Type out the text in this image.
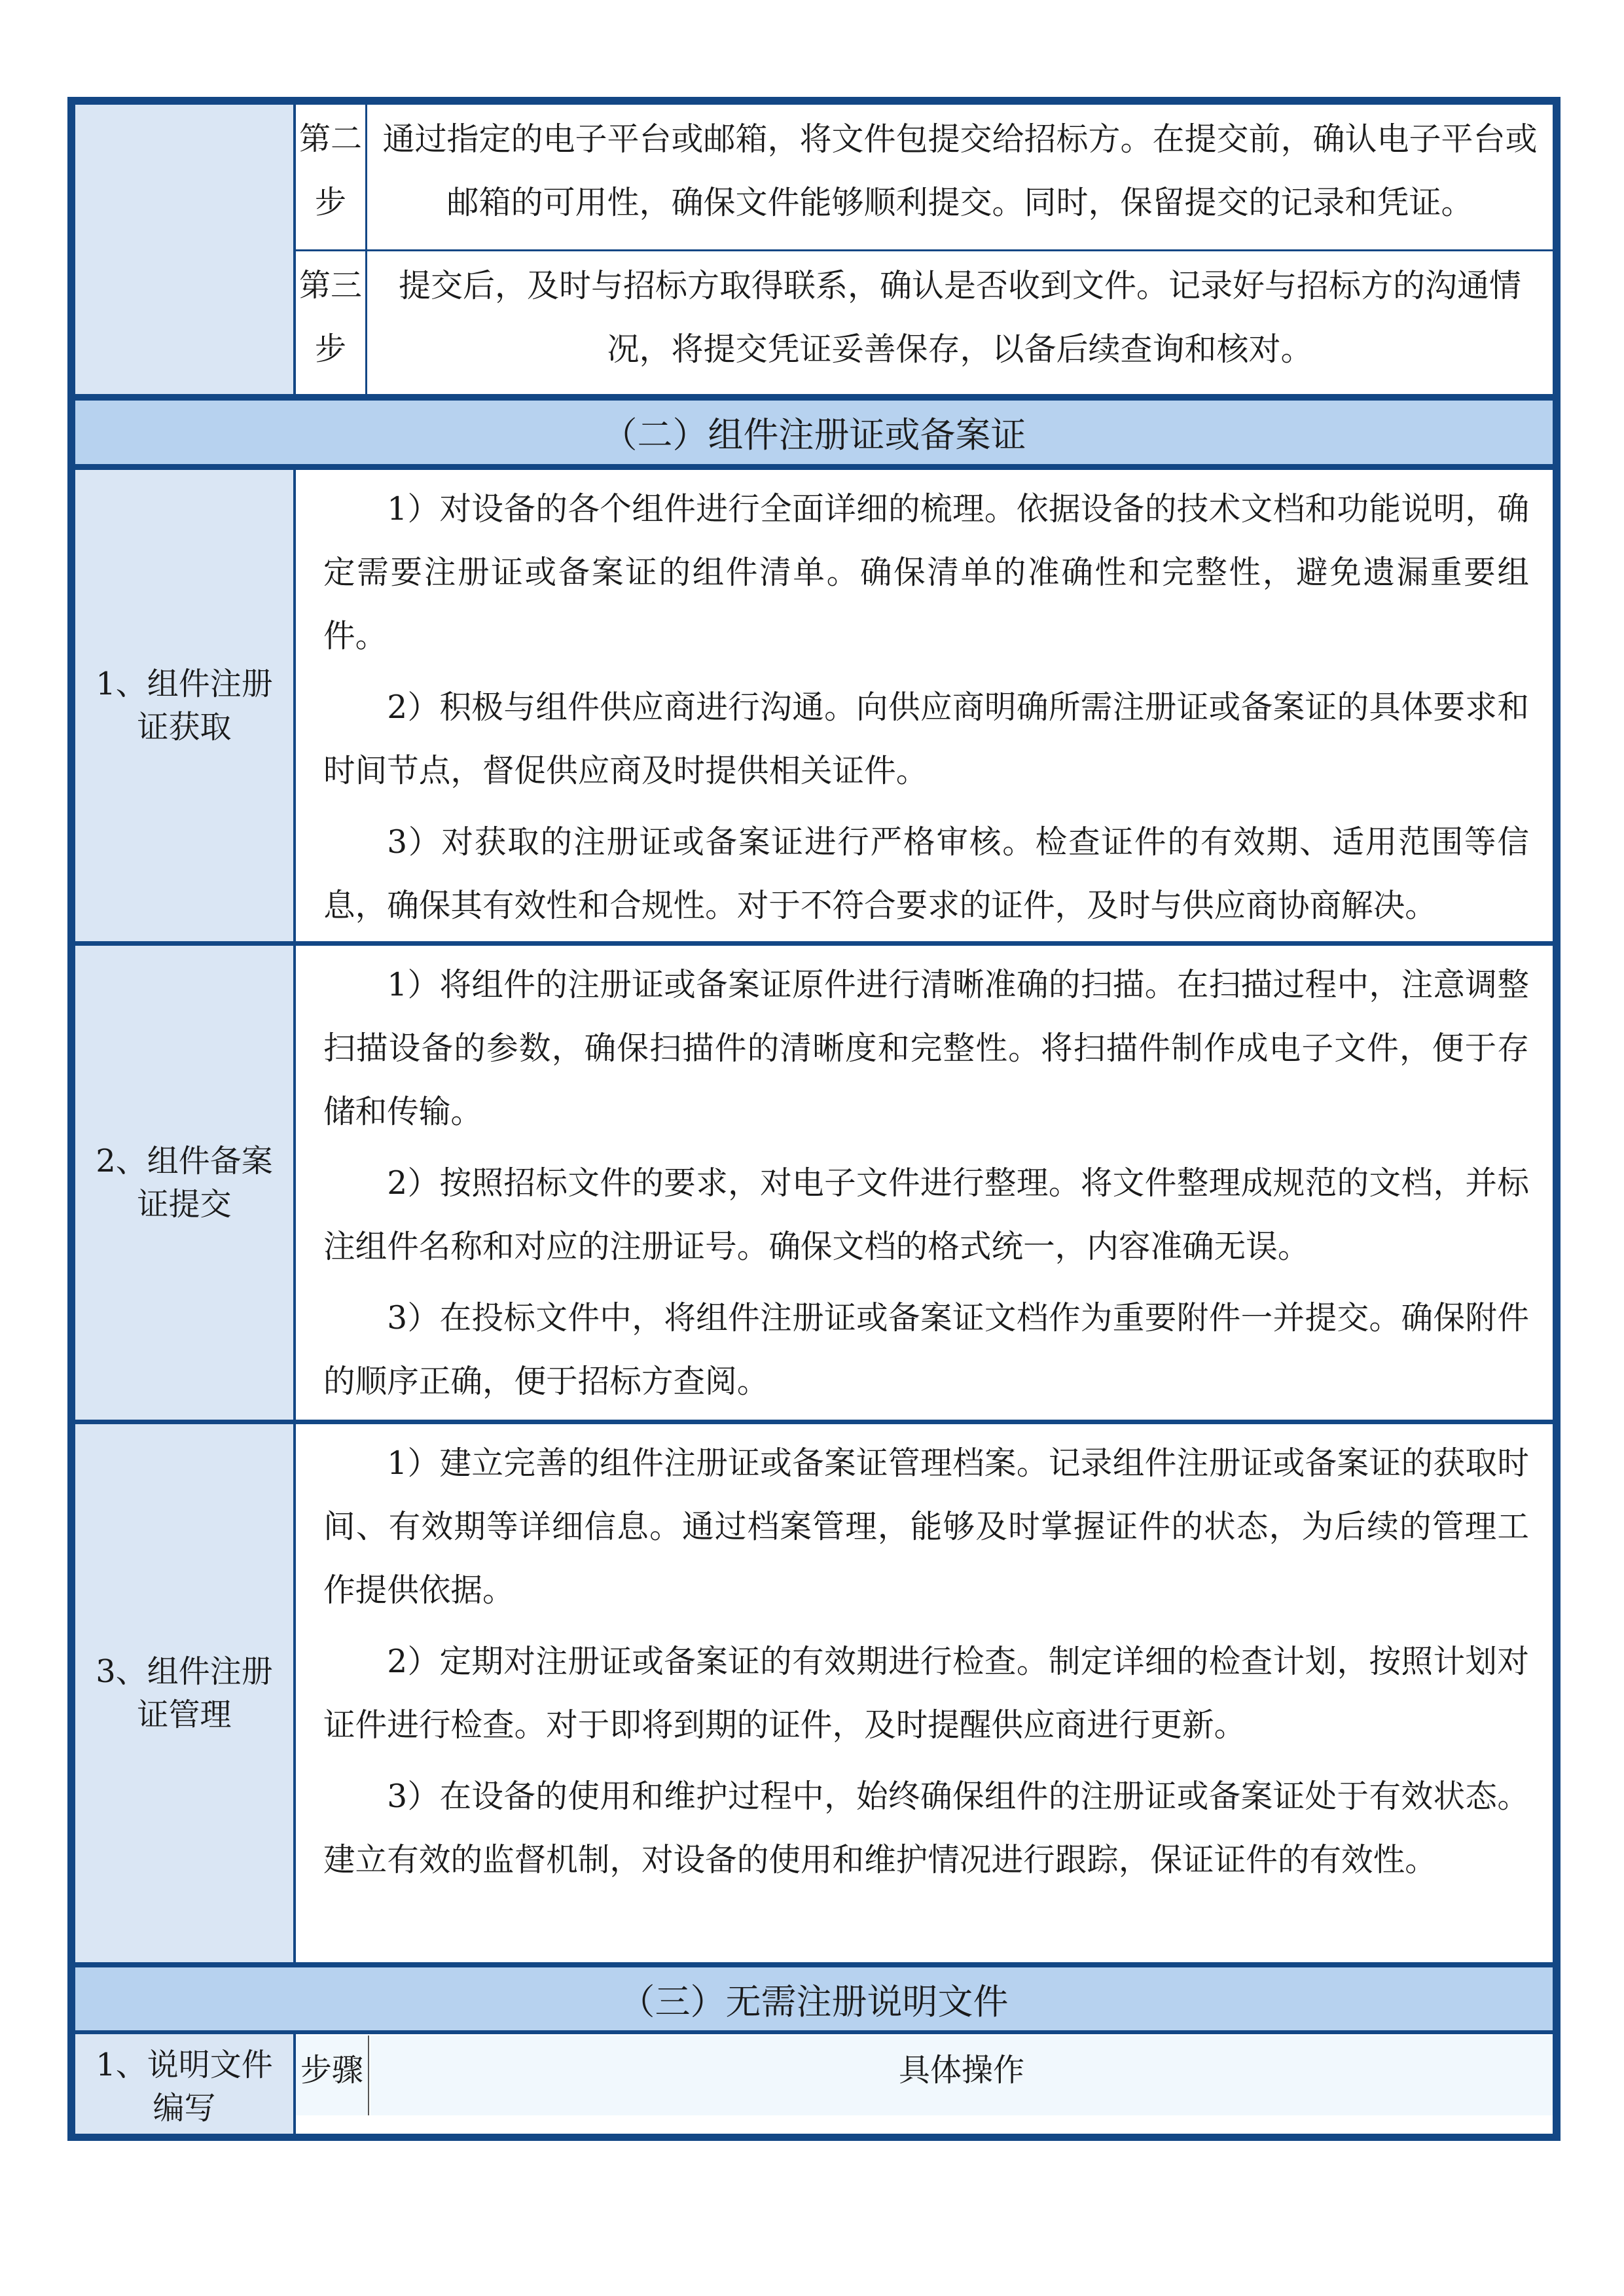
第二步
通过指定的电子平台或邮箱，将文件包提交给招标方。在提交前，确认电子平台或邮箱的可用性，确保文件能够顺利提交。同时，保留提交的记录和凭证。
第三步
提交后，及时与招标方取得联系，确认是否收到文件。记录好与招标方的沟通情况，将提交凭证妥善保存，以备后续查询和核对。
（二）组件注册证或备案证
1、组件注册证获取

1）对设备的各个组件进行全面详细的梳理。依据设备的技术文档和功能说明，确定需要注册证或备案证的组件清单。确保清单的准确性和完整性，避免遗漏重要组件。

2）积极与组件供应商进行沟通。向供应商明确所需注册证或备案证的具体要求和时间节点，督促供应商及时提供相关证件。

3）对获取的注册证或备案证进行严格审核。检查证件的有效期、适用范围等信息，确保其有效性和合规性。对于不符合要求的证件，及时与供应商协商解决。

2、组件备案证提交

1）将组件的注册证或备案证原件进行清晰准确的扫描。在扫描过程中，注意调整扫描设备的参数，确保扫描件的清晰度和完整性。将扫描件制作成电子文件，便于存储和传输。

2）按照招标文件的要求，对电子文件进行整理。将文件整理成规范的文档，并标注组件名称和对应的注册证号。确保文档的格式统一，内容准确无误。

3）在投标文件中，将组件注册证或备案证文档作为重要附件一并提交。确保附件的顺序正确，便于招标方查阅。

3、组件注册证管理

1）建立完善的组件注册证或备案证管理档案。记录组件注册证或备案证的获取时间、有效期等详细信息。通过档案管理，能够及时掌握证件的状态，为后续的管理工作提供依据。

2）定期对注册证或备案证的有效期进行检查。制定详细的检查计划，按照计划对证件进行检查。对于即将到期的证件，及时提醒供应商进行更新。

3）在设备的使用和维护过程中，始终确保组件的注册证或备案证处于有效状态。建立有效的监督机制，对设备的使用和维护情况进行跟踪，保证证件的有效性。

（三）无需注册说明文件
1、说明文件编写
步骤	具体操作
